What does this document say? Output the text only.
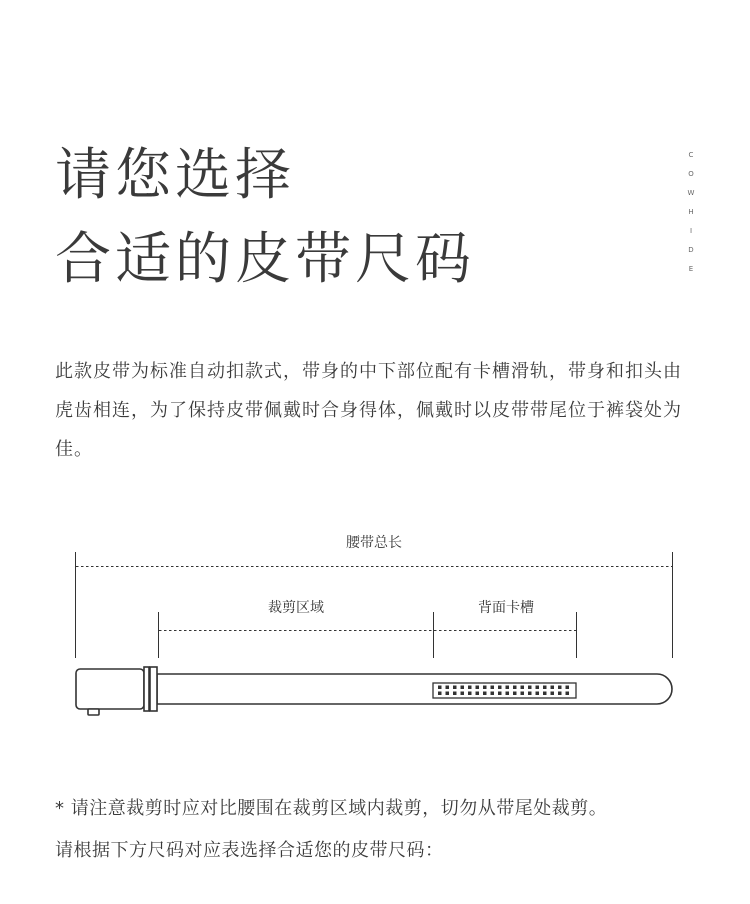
请您选择
合适的皮带尺码
C
O
W
H
I
D
E

此款皮带为标准自动扣款式，带身的中下部位配有卡槽滑轨，带身和扣头由虎齿相连，为了保持皮带佩戴时合身得体，佩戴时以皮带带尾位于裤袋处为佳。

腰带总长
裁剪区域	背面卡槽

* 请注意裁剪时应对比腰围在裁剪区域内裁剪，切勿从带尾处裁剪。

请根据下方尺码对应表选择合适您的皮带尺码：
